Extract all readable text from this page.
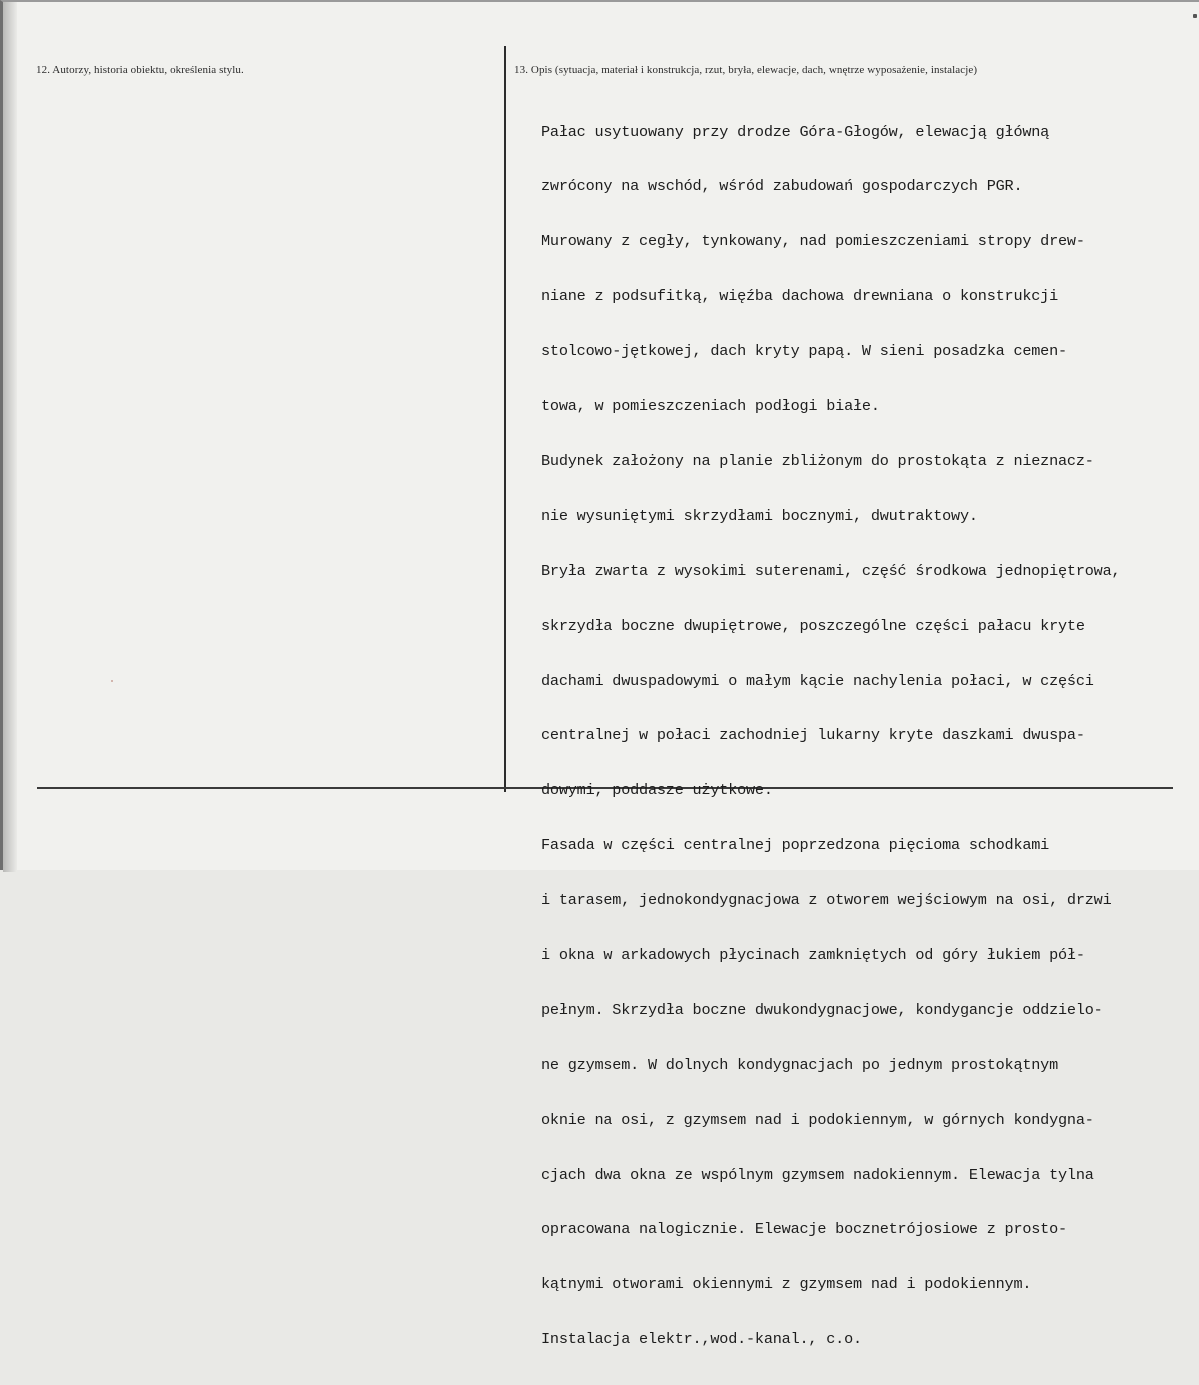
12. Autorzy, historia obiektu, określenia stylu.	13. Opis (sytuacja, materiał i konstrukcja, rzut, bryła, elewacje, dach, wnętrze wyposażenie, instalacje)

Pałac usytuowany przy drodze Góra-Głogów, elewacją główną

zwrócony na wschód, wśród zabudowań gospodarczych PGR.

Murowany z cegły, tynkowany, nad pomieszczeniami stropy drew-

niane z podsufitką, więźba dachowa drewniana o konstrukcji

stolcowo-jętkowej, dach kryty papą. W sieni posadzka cemen-

towa, w pomieszczeniach podłogi białe.

Budynek założony na planie zbliżonym do prostokąta z nieznacz-

nie wysuniętymi skrzydłami bocznymi, dwutraktowy.

Bryła zwarta z wysokimi suterenami, część środkowa jednopiętrowa,

skrzydła boczne dwupiętrowe, poszczególne części pałacu kryte

dachami dwuspadowymi o małym kącie nachylenia połaci, w części

centralnej w połaci zachodniej lukarny kryte daszkami dwuspa-

dowymi, poddasze użytkowe.

Fasada w części centralnej poprzedzona pięcioma schodkami

i tarasem, jednokondygnacjowa z otworem wejściowym na osi, drzwi

i okna w arkadowych płycinach zamkniętych od góry łukiem pół-

pełnym. Skrzydła boczne dwukondygnacjowe, kondygancje oddzielo-

ne gzymsem. W dolnych kondygnacjach po jednym prostokątnym

oknie na osi, z gzymsem nad i podokiennym, w górnych kondygna-

cjach dwa okna ze wspólnym gzymsem nadokiennym. Elewacja tylna

opracowana nalogicznie. Elewacje bocznetrójosiowe z prosto-

kątnymi otworami okiennymi z gzymsem nad i podokiennym.

Instalacja elektr.,wod.-kanal., c.o.
